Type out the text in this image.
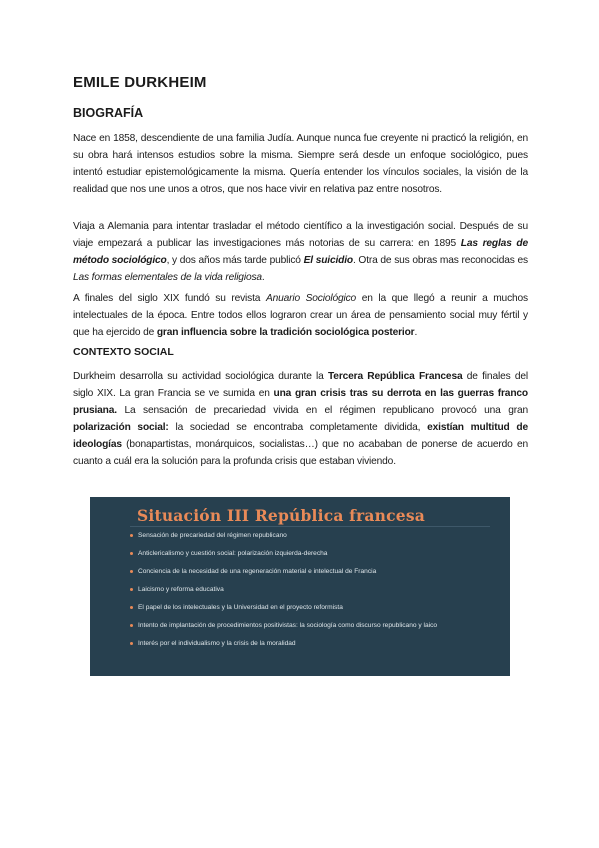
EMILE DURKHEIM
BIOGRAFÍA

Nace en 1858, descendiente de una familia Judía. Aunque nunca fue creyente ni practicó la religión, en su obra hará intensos estudios sobre la misma. Siempre será desde un enfoque sociológico, pues intentó estudiar epistemológicamente la misma. Quería entender los vínculos sociales, la visión de la realidad que nos une unos a otros, que nos hace vivir en relativa paz entre nosotros.

Viaja a Alemania para intentar trasladar el método científico a la investigación social. Después de su viaje empezará a publicar las investigaciones más notorias de su carrera: en 1895 Las reglas de método sociológico, y dos años más tarde publicó El suicidio. Otra de sus obras mas reconocidas es Las formas elementales de la vida religiosa.

A finales del siglo XIX fundó su revista Anuario Sociológico en la que llegó a reunir a muchos intelectuales de la época. Entre todos ellos lograron crear un área de pensamiento social muy fértil y que ha ejercido de gran influencia sobre la tradición sociológica posterior.

CONTEXTO SOCIAL

Durkheim desarrolla su actividad sociológica durante la Tercera República Francesa de finales del siglo XIX. La gran Francia se ve sumida en una gran crisis tras su derrota en las guerras franco prusiana. La sensación de precariedad vivida en el régimen republicano provocó una gran polarización social: la sociedad se encontraba completamente dividida, existían multitud de ideologías (bonapartistas, monárquicos, socialistas…) que no acababan de ponerse de acuerdo en cuanto a cuál era la solución para la profunda crisis que estaban viviendo.

Situación III República francesa
Sensación de precariedad del régimen republicano
Anticlericalismo y cuestión social: polarización izquierda-derecha
Conciencia de la necesidad de una regeneración material e intelectual de Francia
Laicismo y reforma educativa
El papel de los intelectuales y la Universidad en el proyecto reformista
Intento de implantación de procedimientos positivistas: la sociología como discurso republicano y laico
Interés por el individualismo y la crisis de la moralidad
